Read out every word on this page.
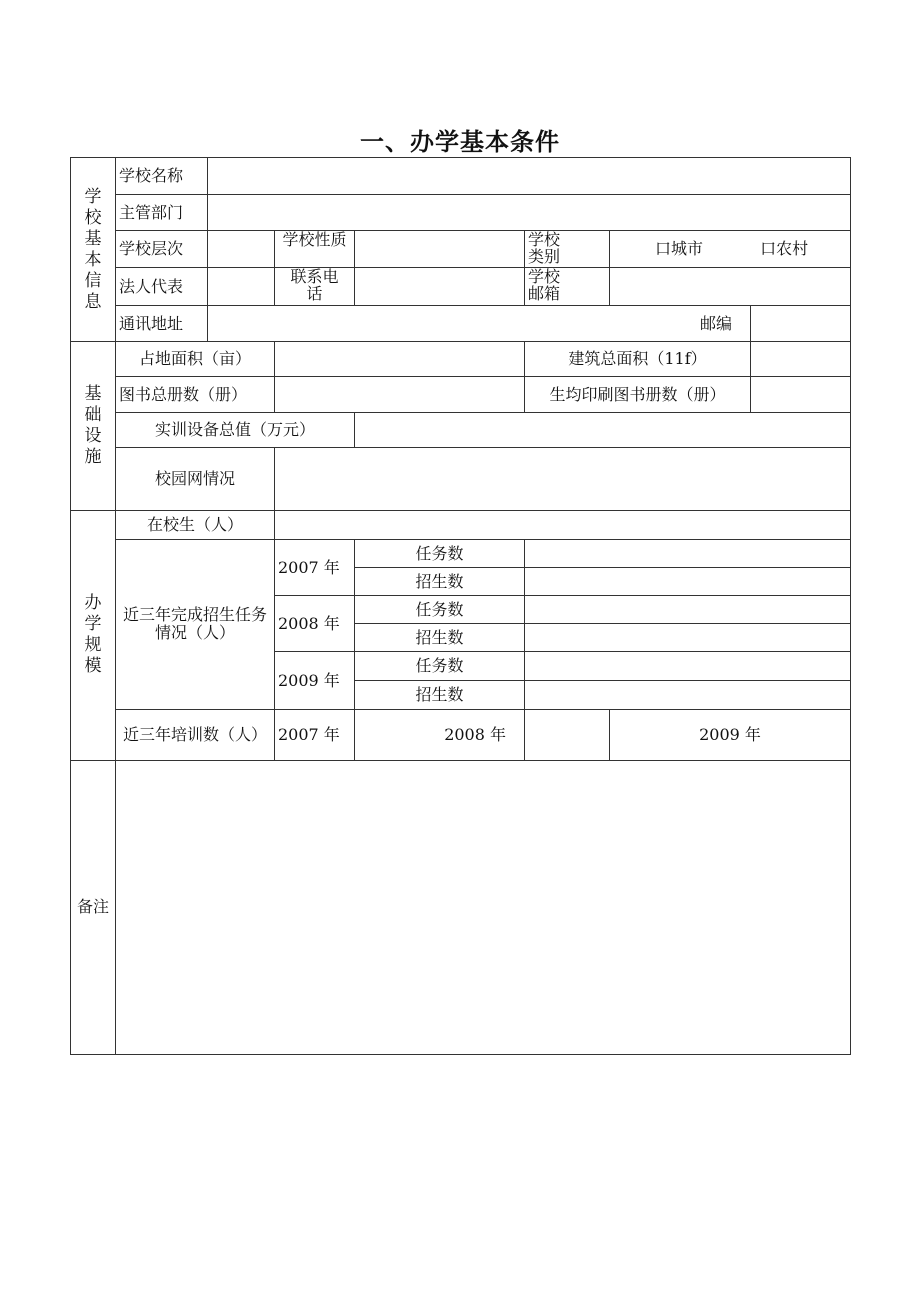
一、办学基本条件
学校基本信息	学校名称							
	主管部门							
	学校层次		学校性质		学校类别	口城市 口农村		
	法人代表		联系电话		学校邮箱			
	通讯地址	邮编						
基础设施	占地面积（亩）				建筑总面积（11f）			
	图书总册数（册）				生均印刷图书册数（册）			
	实训设备总值（万元）							
	校园网情况							
办学规模	在校生（人）							
	近三年完成招生任务情况（人）		2007 年	任务数				
				招生数				
			2008 年	任务数				
				招生数				
			2009 年	任务数				
				招生数				
	近三年培训数（人）		2007 年	2008 年		2009 年		
备注								
